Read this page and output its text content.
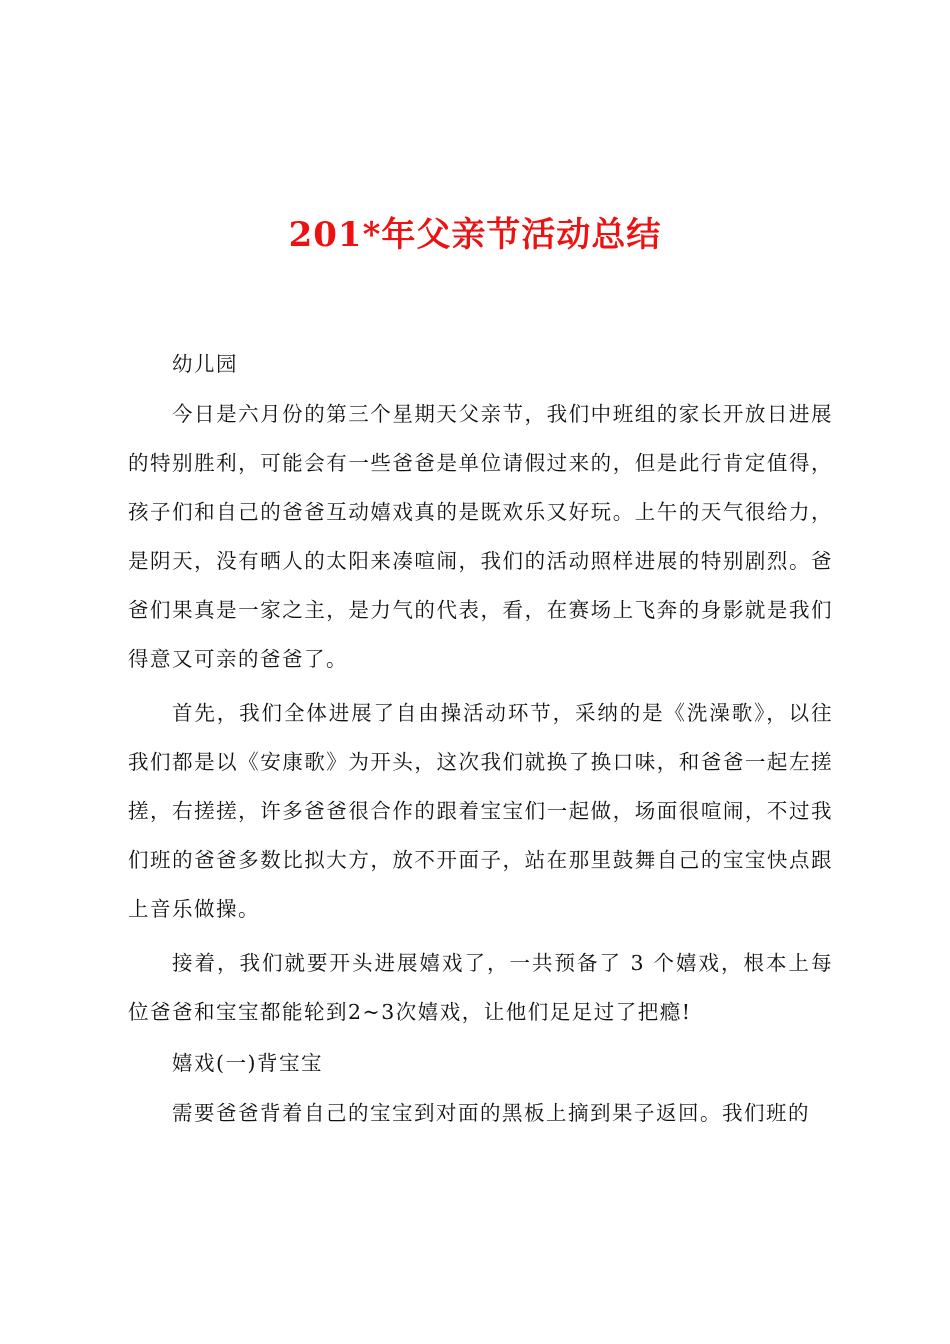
201*年父亲节活动总结

幼儿园

今日是六月份的第三个星期天父亲节，我们中班组的家长开放日进展的特别胜利，可能会有一些爸爸是单位请假过来的，但是此行肯定值得，孩子们和自己的爸爸互动嬉戏真的是既欢乐又好玩。上午的天气很给力，是阴天，没有晒人的太阳来凑喧闹，我们的活动照样进展的特别剧烈。爸爸们果真是一家之主，是力气的代表，看，在赛场上飞奔的身影就是我们得意又可亲的爸爸了。

首先，我们全体进展了自由操活动环节，采纳的是《洗澡歌》，以往我们都是以《安康歌》为开头，这次我们就换了换口味，和爸爸一起左搓搓，右搓搓，许多爸爸很合作的跟着宝宝们一起做，场面很喧闹，不过我们班的爸爸多数比拟大方，放不开面子，站在那里鼓舞自己的宝宝快点跟上音乐做操。

接着，我们就要开头进展嬉戏了，一共预备了 3 个嬉戏，根本上每位爸爸和宝宝都能轮到2~3次嬉戏，让他们足足过了把瘾!

嬉戏(一)背宝宝

需要爸爸背着自己的宝宝到对面的黑板上摘到果子返回。我们班的
